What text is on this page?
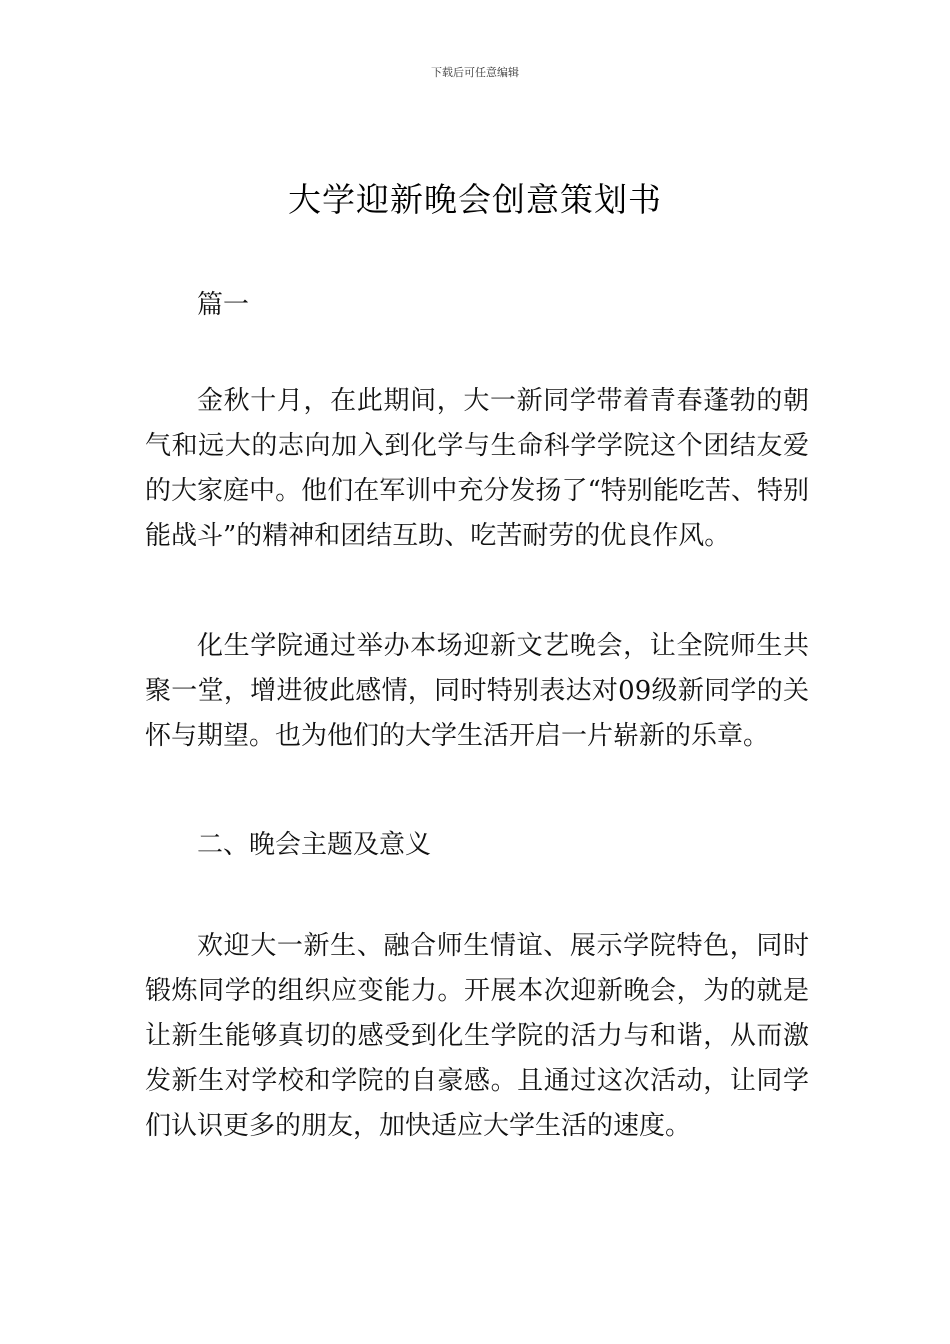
下载后可任意编辑
大学迎新晚会创意策划书

篇一

金秋十月，在此期间，大一新同学带着青春蓬勃的朝气和远大的志向加入到化学与生命科学学院这个团结友爱的大家庭中。他们在军训中充分发扬了“特别能吃苦、特别能战斗”的精神和团结互助、吃苦耐劳的优良作风。

化生学院通过举办本场迎新文艺晚会，让全院师生共聚一堂，增进彼此感情，同时特别表达对09级新同学的关怀与期望。也为他们的大学生活开启一片崭新的乐章。

二、晚会主题及意义

欢迎大一新生、融合师生情谊、展示学院特色，同时锻炼同学的组织应变能力。开展本次迎新晚会，为的就是让新生能够真切的感受到化生学院的活力与和谐，从而激发新生对学校和学院的自豪感。且通过这次活动，让同学们认识更多的朋友，加快适应大学生活的速度。
